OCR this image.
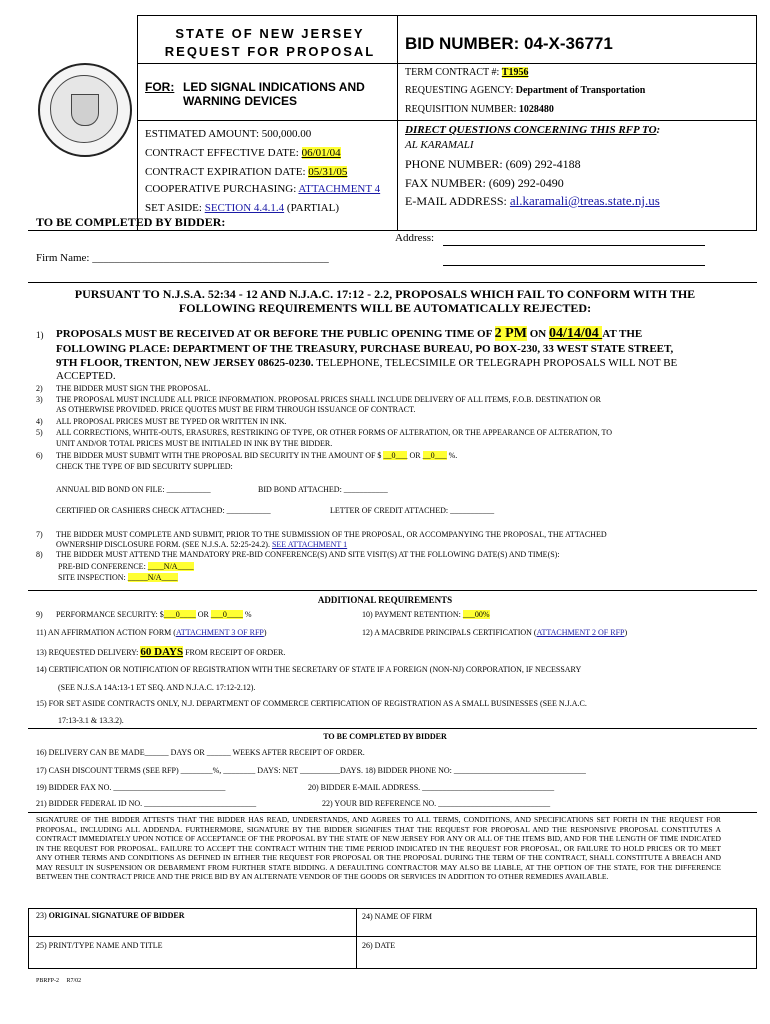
STATE OF NEW JERSEY
REQUEST FOR PROPOSAL	BID NUMBER: 04-X-36771
FOR: LED SIGNAL INDICATIONS AND
WARNING DEVICES
ESTIMATED AMOUNT: 500,000.00
CONTRACT EFFECTIVE DATE: 06/01/04
CONTRACT EXPIRATION DATE: 05/31/05
COOPERATIVE PURCHASING: ATTACHMENT 4
SET ASIDE: SECTION 4.4.1.4 (PARTIAL)
TERM CONTRACT #: T1956
REQUESTING AGENCY: Department of Transportation
REQUISITION NUMBER: 1028480
DIRECT QUESTIONS CONCERNING THIS RFP TO:
AL KARAMALI
PHONE NUMBER: (609) 292-4188
FAX NUMBER: (609) 292-0490
E-MAIL ADDRESS: al.karamali@treas.state.nj.us
TO BE COMPLETED BY BIDDER:
Address:
Firm Name: ___________________________________________
PURSUANT TO N.J.S.A. 52:34 - 12 AND N.J.A.C. 17:12 - 2.2, PROPOSALS WHICH FAIL TO CONFORM WITH THE
FOLLOWING REQUIREMENTS WILL BE AUTOMATICALLY REJECTED:
1) PROPOSALS MUST BE RECEIVED AT OR BEFORE THE PUBLIC OPENING TIME OF 2 PM ON 04/14/04 AT THE
FOLLOWING PLACE: DEPARTMENT OF THE TREASURY, PURCHASE BUREAU, PO BOX-230, 33 WEST STATE STREET,
9TH FLOOR, TRENTON, NEW JERSEY 08625-0230. TELEPHONE, TELECSIMILE OR TELEGRAPH PROPOSALS WILL NOT BE
ACCEPTED.
2) THE BIDDER MUST SIGN THE PROPOSAL.
3) THE PROPOSAL MUST INCLUDE ALL PRICE INFORMATION. PROPOSAL PRICES SHALL INCLUDE DELIVERY OF ALL ITEMS, F.O.B. DESTINATION OR
AS OTHERWISE PROVIDED. PRICE QUOTES MUST BE FIRM THROUGH ISSUANCE OF CONTRACT.
4) ALL PROPOSAL PRICES MUST BE TYPED OR WRITTEN IN INK.
5) ALL CORRECTIONS, WHITE-OUTS, ERASURES, RESTRIKING OF TYPE, OR OTHER FORMS OF ALTERATION, OR THE APPEARANCE OF ALTERATION, TO
UNIT AND/OR TOTAL PRICES MUST BE INITIALED IN INK BY THE BIDDER.
6) THE BIDDER MUST SUBMIT WITH THE PROPOSAL BID SECURITY IN THE AMOUNT OF $ __0___ OR __0___ %.
CHECK THE TYPE OF BID SECURITY SUPPLIED:
ANNUAL BID BOND ON FILE: ___________	BID BOND ATTACHED: ___________
CERTIFIED OR CASHIERS CHECK ATTACHED: ___________	LETTER OF CREDIT ATTACHED: ___________
7) THE BIDDER MUST COMPLETE AND SUBMIT, PRIOR TO THE SUBMISSION OF THE PROPOSAL, OR ACCOMPANYING THE PROPOSAL, THE ATTACHED
OWNERSHIP DISCLOSURE FORM. (SEE N.J.S.A. 52:25-24.2). SEE ATTACHMENT 1
8) THE BIDDER MUST ATTEND THE MANDATORY PRE-BID CONFERENCE(S) AND SITE VISIT(S) AT THE FOLLOWING DATE(S) AND TIME(S):
PRE-BID CONFERENCE: ____N/A____
SITE INSPECTION: _____N/A____
ADDITIONAL REQUIREMENTS
9) PERFORMANCE SECURITY: $___0____ OR ___0____ %	10) PAYMENT RETENTION: ___00%
11) AN AFFIRMATION ACTION FORM (ATTACHMENT 3 OF RFP)	12) A MACBRIDE PRINCIPALS CERTIFICATION (ATTACHMENT 2 OF RFP)
13) REQUESTED DELIVERY: 60 DAYS FROM RECEIPT OF ORDER.
14) CERTIFICATION OR NOTIFICATION OF REGISTRATION WITH THE SECRETARY OF STATE IF A FOREIGN (NON-NJ) CORPORATION, IF NECESSARY
(SEE N.J.S.A 14A:13-1 ET SEQ. AND N.J.A.C. 17:12-2.12).
15) FOR SET ASIDE CONTRACTS ONLY, N.J. DEPARTMENT OF COMMERCE CERTIFICATION OF REGISTRATION AS A SMALL BUSINESSES (SEE N.J.A.C.
17:13-3.1 & 13.3.2).
TO BE COMPLETED BY BIDDER
16) DELIVERY CAN BE MADE______ DAYS OR ______ WEEKS AFTER RECEIPT OF ORDER.
17) CASH DISCOUNT TERMS (SEE RFP) ________%, ________ DAYS: NET __________DAYS. 18) BIDDER PHONE NO: _________________________________
19) BIDDER FAX NO. ____________________________	20) BIDDER E-MAIL ADDRESS. _________________________________
21) BIDDER FEDERAL ID NO. ____________________________	22) YOUR BID REFERENCE NO. ____________________________
SIGNATURE OF THE BIDDER ATTESTS THAT THE BIDDER HAS READ, UNDERSTANDS, AND AGREES TO ALL TERMS, CONDITIONS, AND SPECIFICATIONS SET FORTH IN THE REQUEST FOR PROPOSAL, INCLUDING ALL ADDENDA. FURTHERMORE, SIGNATURE BY THE BIDDER SIGNIFIES THAT THE REQUEST FOR PROPOSAL AND THE RESPONSIVE PROPOSAL CONSTITUTES A CONTRACT IMMEDIATELY UPON NOTICE OF ACCEPTANCE OF THE PROPOSAL BY THE STATE OF NEW JERSEY FOR ANY OR ALL OF THE ITEMS BID, AND FOR THE LENGTH OF TIME INDICATED IN THE REQUEST FOR PROPOSAL. FAILURE TO ACCEPT THE CONTRACT WITHIN THE TIME PERIOD INDICATED IN THE REQUEST FOR PROPOSAL, OR FAILURE TO HOLD PRICES OR TO MEET ANY OTHER TERMS AND CONDITIONS AS DEFINED IN EITHER THE REQUEST FOR PROPOSAL OR THE PROPOSAL DURING THE TERM OF THE CONTRACT, SHALL CONSTITUTE A BREACH AND MAY RESULT IN SUSPENSION OR DEBARMENT FROM FURTHER STATE BIDDING. A DEFAULTING CONTRACTOR MAY ALSO BE LIABLE, AT THE OPTION OF THE STATE, FOR THE DIFFERENCE BETWEEN THE CONTRACT PRICE AND THE PRICE BID BY AN ALTERNATE VENDOR OF THE GOODS OR SERVICES IN ADDITION TO OTHER REMEDIES AVAILABLE.
23) ORIGINAL SIGNATURE OF BIDDER	24) NAME OF FIRM
25) PRINT/TYPE NAME AND TITLE	26) DATE
PBRFP-2     R7/02
